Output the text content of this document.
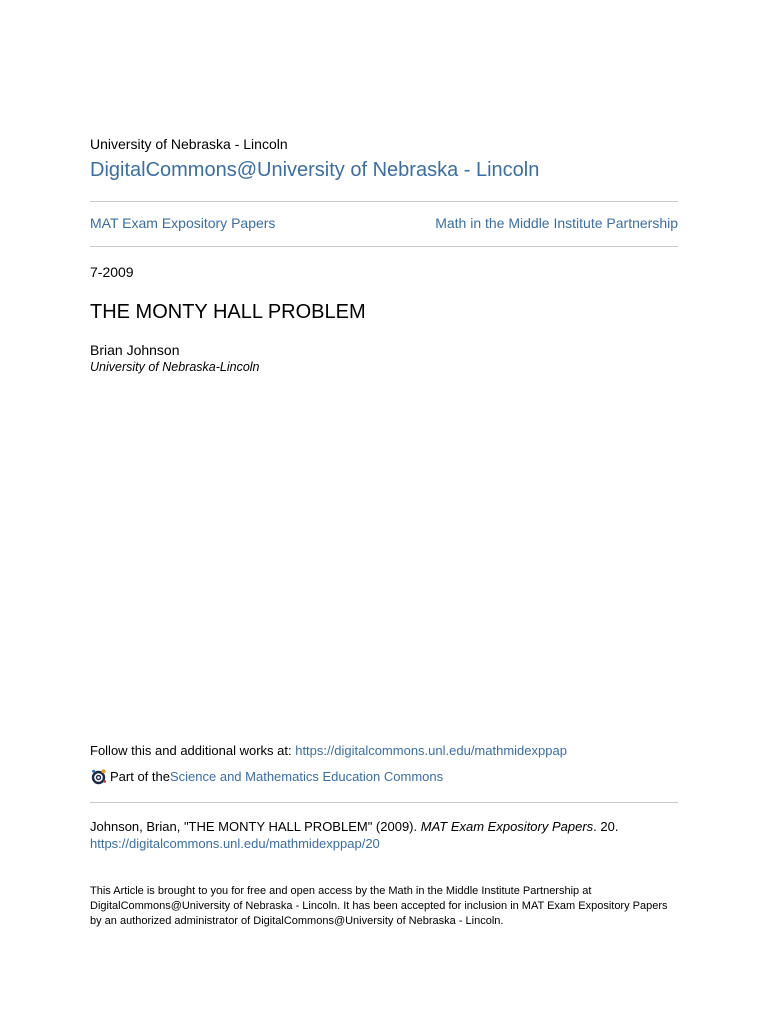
University of Nebraska - Lincoln
DigitalCommons@University of Nebraska - Lincoln
MAT Exam Expository Papers	Math in the Middle Institute Partnership
7-2009
THE MONTY HALL PROBLEM
Brian Johnson
University of Nebraska-Lincoln
Follow this and additional works at: https://digitalcommons.unl.edu/mathmidexppap
Part of the Science and Mathematics Education Commons
Johnson, Brian, "THE MONTY HALL PROBLEM" (2009). MAT Exam Expository Papers. 20.
https://digitalcommons.unl.edu/mathmidexppap/20
This Article is brought to you for free and open access by the Math in the Middle Institute Partnership at DigitalCommons@University of Nebraska - Lincoln. It has been accepted for inclusion in MAT Exam Expository Papers by an authorized administrator of DigitalCommons@University of Nebraska - Lincoln.
